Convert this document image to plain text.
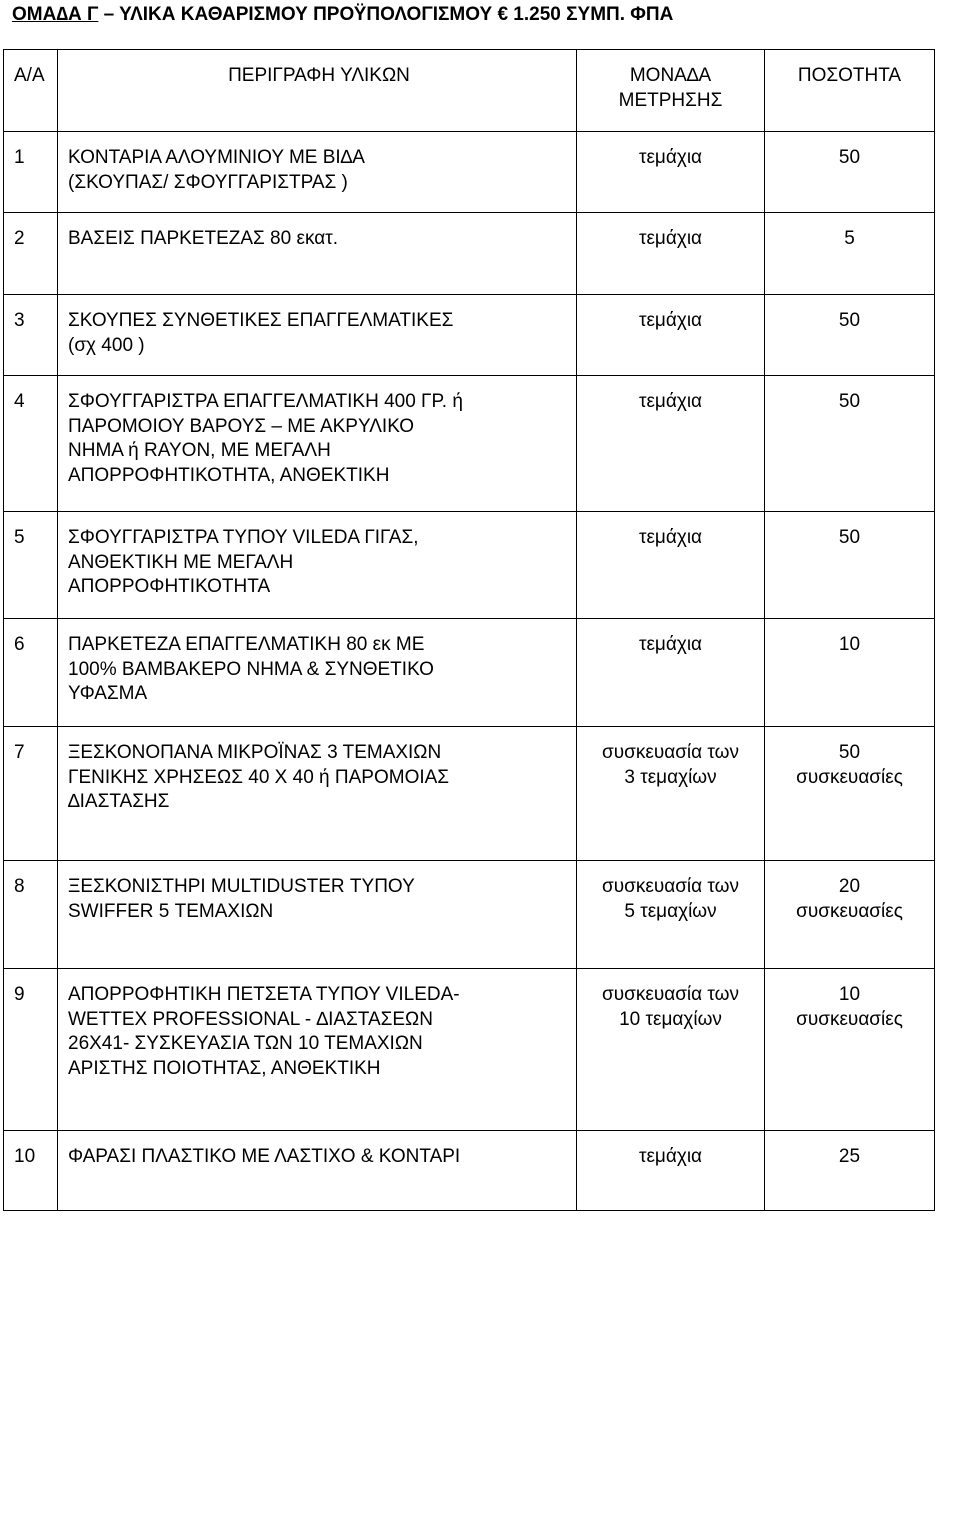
ΟΜΑ∆Α Γ – ΥΛΙΚΑ ΚΑΘΑΡΙΣΜΟΥ ΠΡΟΫΠΟΛΟΓΙΣΜΟΥ € 1.250 ΣΥΜΠ. ΦΠΑ
Α/Α	ΠΕΡΙΓΡΑΦΗ ΥΛΙΚΩΝ	ΜΟΝΑ∆Α
ΜΕΤΡΗΣΗΣ	ΠΟΣΟΤΗΤΑ
1	ΚΟΝΤΑΡΙΑ ΑΛΟΥΜΙΝΙΟΥ ΜΕ ΒΙ∆Α
(ΣΚΟΥΠΑΣ/ ΣΦΟΥΓΓΑΡΙΣΤΡΑΣ )	τεμάχια	50
2	ΒΑΣΕΙΣ ΠΑΡΚΕΤΕΖΑΣ 80 εκατ.	τεμάχια	5
3	ΣΚΟΥΠΕΣ ΣΥΝΘΕΤΙΚΕΣ ΕΠΑΓΓΕΛΜΑΤΙΚΕΣ
(σχ 400 )	τεμάχια	50
4	ΣΦΟΥΓΓΑΡΙΣΤΡΑ ΕΠΑΓΓΕΛΜΑΤΙΚΗ 400 ΓΡ. ή
ΠΑΡΟΜΟΙΟΥ ΒΑΡΟΥΣ – ΜΕ ΑΚΡΥΛΙΚΟ
ΝΗΜΑ ή RAYON, ΜΕ ΜΕΓΑΛΗ
ΑΠΟΡΡΟΦΗΤΙΚΟΤΗΤΑ, ΑΝΘΕΚΤΙΚΗ	τεμάχια	50
5	ΣΦΟΥΓΓΑΡΙΣΤΡΑ ΤΥΠΟΥ VILEDA ΓΙΓΑΣ,
ΑΝΘΕΚΤΙΚΗ ΜΕ ΜΕΓΑΛΗ
ΑΠΟΡΡΟΦΗΤΙΚΟΤΗΤΑ	τεμάχια	50
6	ΠΑΡΚΕΤΕΖΑ ΕΠΑΓΓΕΛΜΑΤΙΚΗ 80 εκ ΜΕ
100% ΒΑΜΒΑΚΕΡΟ ΝΗΜΑ & ΣΥΝΘΕΤΙΚΟ
ΥΦΑΣΜΑ	τεμάχια	10
7	ΞΕΣΚΟΝΟΠΑΝΑ ΜΙΚΡΟΪΝΑΣ 3 ΤΕΜΑΧΙΩΝ
ΓΕΝΙΚΗΣ ΧΡΗΣΕΩΣ 40 Χ 40 ή ΠΑΡΟΜΟΙΑΣ
∆ΙΑΣΤΑΣΗΣ	συσκευασία των
3 τεμαχίων	50
συσκευασίες
8	ΞΕΣΚΟΝΙΣΤΗΡΙ MULTIDUSTER ΤΥΠΟΥ
SWIFFER 5 ΤΕΜΑΧΙΩΝ	συσκευασία των
5 τεμαχίων	20
συσκευασίες
9	ΑΠΟΡΡΟΦΗΤΙΚΗ ΠΕΤΣΕΤΑ ΤΥΠΟΥ VILEDA-
WETTEX PROFESSIONAL - ∆ΙΑΣΤΑΣΕΩΝ
26Χ41- ΣΥΣΚΕΥΑΣΙΑ ΤΩΝ 10 ΤΕΜΑΧΙΩΝ
ΑΡΙΣΤΗΣ ΠΟΙΟΤΗΤΑΣ, ΑΝΘΕΚΤΙΚΗ	συσκευασία των
10 τεμαχίων	10
συσκευασίες
10	ΦΑΡΑΣΙ ΠΛΑΣΤΙΚΟ ΜΕ ΛΑΣΤΙΧΟ & ΚΟΝΤΑΡΙ	τεμάχια	25
